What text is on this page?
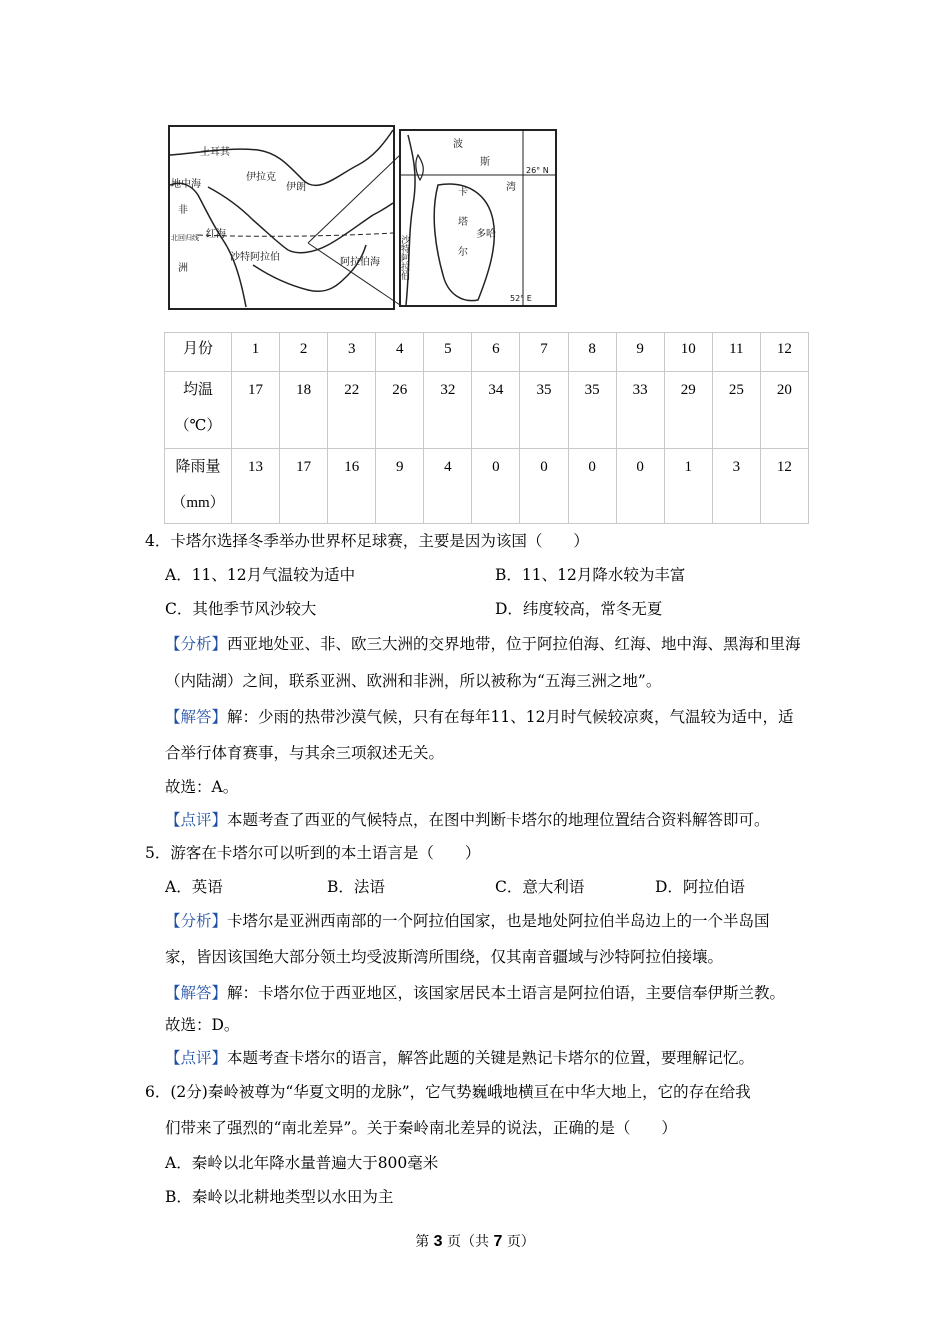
土耳其
地中海	伊朗
伊拉克
非
洲
红海
北回归线
沙特阿拉伯	阿拉伯海
波
斯
湾
卡
塔
尔
多哈
沙特阿拉伯
26° N
52° E
月份	1	2	3	4	5	6	7	8	9	10	11	12
均温
（℃）	17	18	22	26	32	34	35	35	33	29	25	20
降雨量
（mm）	13	17	16	9	4	0	0	0	0	1	3	12
4．卡塔尔选择冬季举办世界杯足球赛，主要是因为该国（　　）
A．11、12月气温较为适中	B．11、12月降水较为丰富
C．其他季节风沙较大	D．纬度较高，常冬无夏
【分析】西亚地处亚、非、欧三大洲的交界地带，位于阿拉伯海、红海、地中海、黑海和里海
（内陆湖）之间，联系亚洲、欧洲和非洲，所以被称为“五海三洲之地”。
【解答】解：少雨的热带沙漠气候，只有在每年11、12月时气候较凉爽，气温较为适中，适
合举行体育赛事，与其余三项叙述无关。
故选：A。
【点评】本题考查了西亚的气候特点，在图中判断卡塔尔的地理位置结合资料解答即可。
5．游客在卡塔尔可以听到的本土语言是（　　）
A．英语	B．法语	C．意大利语	D．阿拉伯语
【分析】卡塔尔是亚洲西南部的一个阿拉伯国家，也是地处阿拉伯半岛边上的一个半岛国
家，皆因该国绝大部分领土均受波斯湾所围绕，仅其南音疆域与沙特阿拉伯接壤。
【解答】解：卡塔尔位于西亚地区，该国家居民本土语言是阿拉伯语，主要信奉伊斯兰教。
故选：D。
【点评】本题考查卡塔尔的语言，解答此题的关键是熟记卡塔尔的位置，要理解记忆。
6．(2分)秦岭被尊为“华夏文明的龙脉”，它气势巍峨地横亘在中华大地上，它的存在给我
们带来了强烈的“南北差异”。关于秦岭南北差异的说法，正确的是（　　）
A．秦岭以北年降水量普遍大于800毫米
B．秦岭以北耕地类型以水田为主
第 3 页（共 7 页）
